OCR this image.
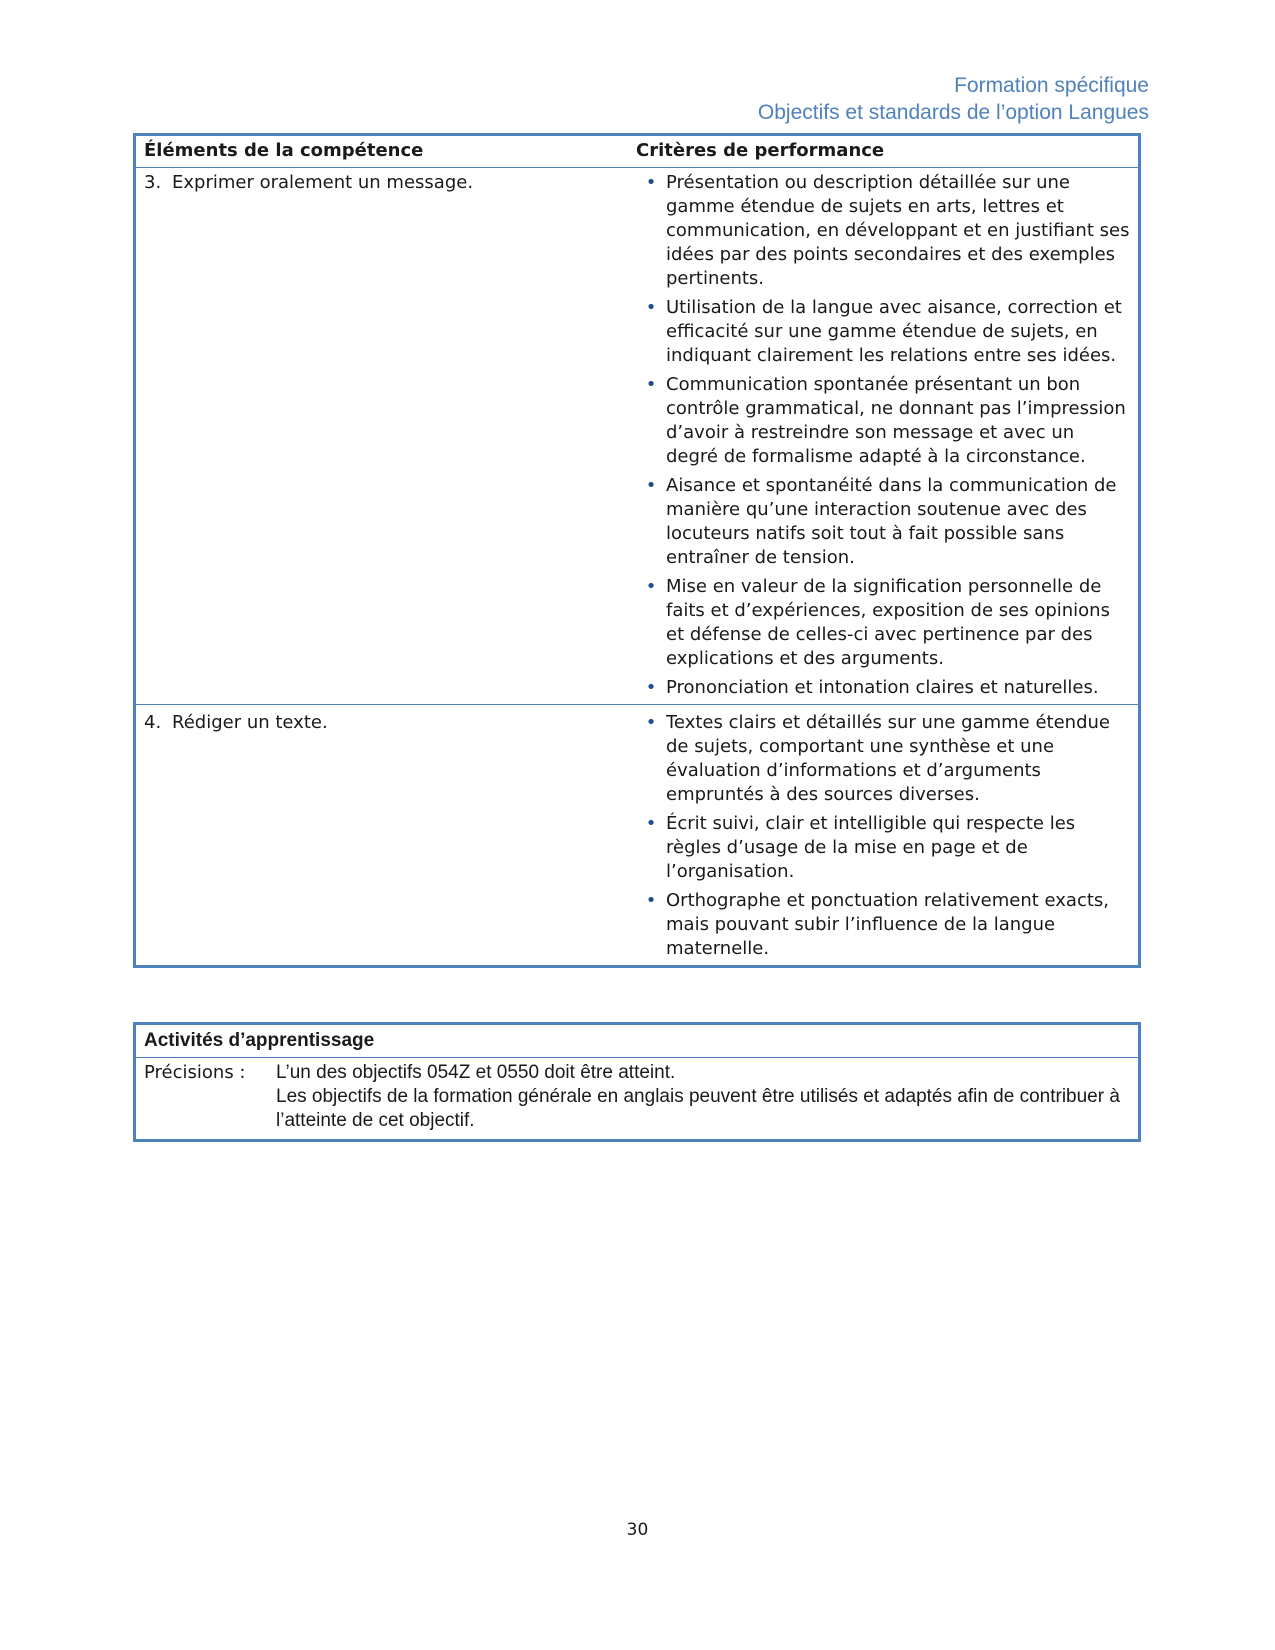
Formation spécifique
Objectifs et standards de l’option Langues
Éléments de la compétence	Critères de performance
3. Exprimer oralement un message.	• Présentation ou description détaillée sur une gamme étendue de sujets en arts, lettres et communication, en développant et en justifiant ses idées par des points secondaires et des exemples pertinents.
• Utilisation de la langue avec aisance, correction et efficacité sur une gamme étendue de sujets, en indiquant clairement les relations entre ses idées.
• Communication spontanée présentant un bon contrôle grammatical, ne donnant pas l’impression d’avoir à restreindre son message et avec un degré de formalisme adapté à la circonstance.
• Aisance et spontanéité dans la communication de manière qu’une interaction soutenue avec des locuteurs natifs soit tout à fait possible sans entraîner de tension.
• Mise en valeur de la signification personnelle de faits et d’expériences, exposition de ses opinions et défense de celles-ci avec pertinence par des explications et des arguments.
• Prononciation et intonation claires et naturelles.
4. Rédiger un texte.	• Textes clairs et détaillés sur une gamme étendue de sujets, comportant une synthèse et une évaluation d’informations et d’arguments empruntés à des sources diverses.
• Écrit suivi, clair et intelligible qui respecte les règles d’usage de la mise en page et de l’organisation.
• Orthographe et ponctuation relativement exacts, mais pouvant subir l’influence de la langue maternelle.
Activités d’apprentissage
Précisions :	L’un des objectifs 054Z et 0550 doit être atteint.
Les objectifs de la formation générale en anglais peuvent être utilisés et adaptés afin de contribuer à l’atteinte de cet objectif.
30
